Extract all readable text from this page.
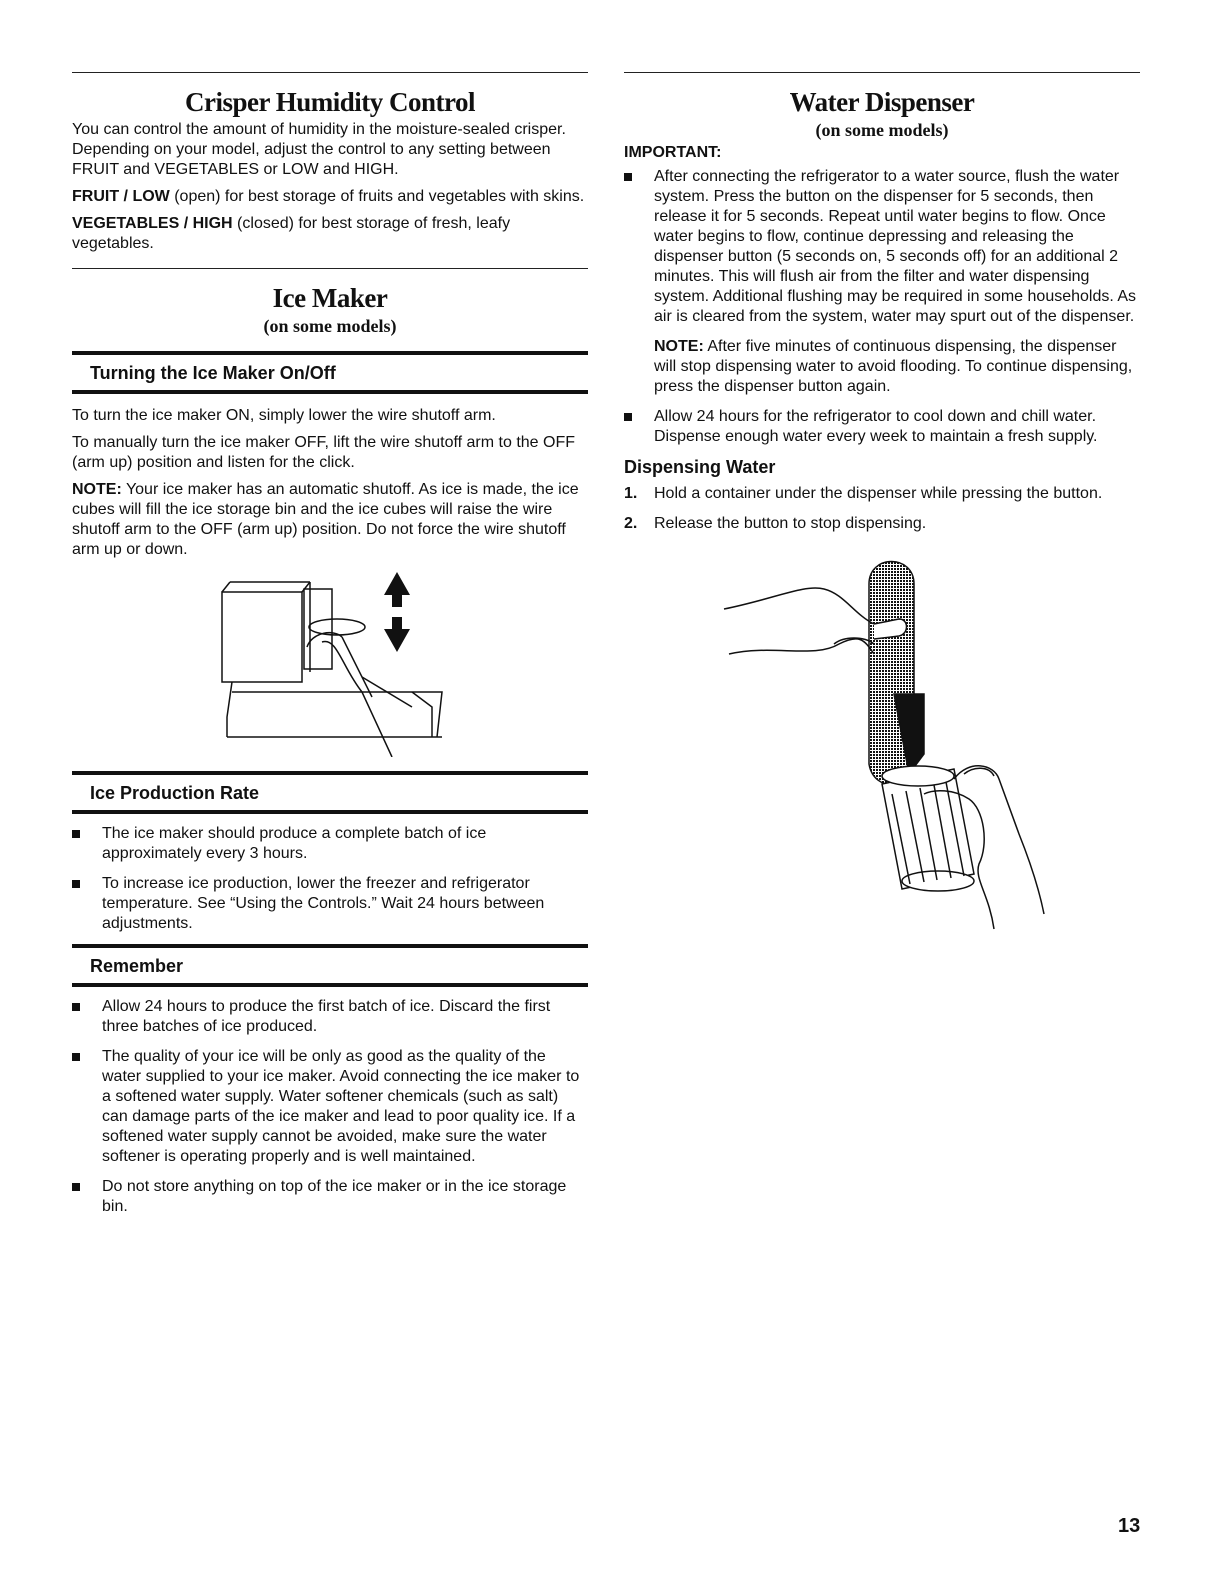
Crisper Humidity Control

You can control the amount of humidity in the moisture-sealed crisper. Depending on your model, adjust the control to any setting between FRUIT and VEGETABLES or LOW and HIGH.

FRUIT / LOW (open) for best storage of fruits and vegetables with skins.

VEGETABLES / HIGH (closed) for best storage of fresh, leafy vegetables.

Ice Maker
(on some models)
Turning the Ice Maker On/Off

To turn the ice maker ON, simply lower the wire shutoff arm.

To manually turn the ice maker OFF, lift the wire shutoff arm to the OFF (arm up) position and listen for the click.

NOTE: Your ice maker has an automatic shutoff. As ice is made, the ice cubes will fill the ice storage bin and the ice cubes will raise the wire shutoff arm to the OFF (arm up) position. Do not force the wire shutoff arm up or down.

Ice Production Rate
The ice maker should produce a complete batch of ice approximately every 3 hours.
To increase ice production, lower the freezer and refrigerator temperature. See “Using the Controls.” Wait 24 hours between adjustments.
Remember
Allow 24 hours to produce the first batch of ice. Discard the first three batches of ice produced.
The quality of your ice will be only as good as the quality of the water supplied to your ice maker. Avoid connecting the ice maker to a softened water supply. Water softener chemicals (such as salt) can damage parts of the ice maker and lead to poor quality ice. If a softened water supply cannot be avoided, make sure the water softener is operating properly and is well maintained.
Do not store anything on top of the ice maker or in the ice storage bin.
Water Dispenser
(on some models)

IMPORTANT:

After connecting the refrigerator to a water source, flush the water system. Press the button on the dispenser for 5 seconds, then release it for 5 seconds. Repeat until water begins to flow. Once water begins to flow, continue depressing and releasing the dispenser button (5 seconds on, 5 seconds off) for an additional 2 minutes. This will flush air from the filter and water dispensing system. Additional flushing may be required in some households. As air is cleared from the system, water may spurt out of the dispenser.

NOTE: After five minutes of continuous dispensing, the dispenser will stop dispensing water to avoid flooding. To continue dispensing, press the dispenser button again.

Allow 24 hours for the refrigerator to cool down and chill water. Dispense enough water every week to maintain a fresh supply.
Dispensing Water
1. Hold a container under the dispenser while pressing the button.
2. Release the button to stop dispensing.
13
